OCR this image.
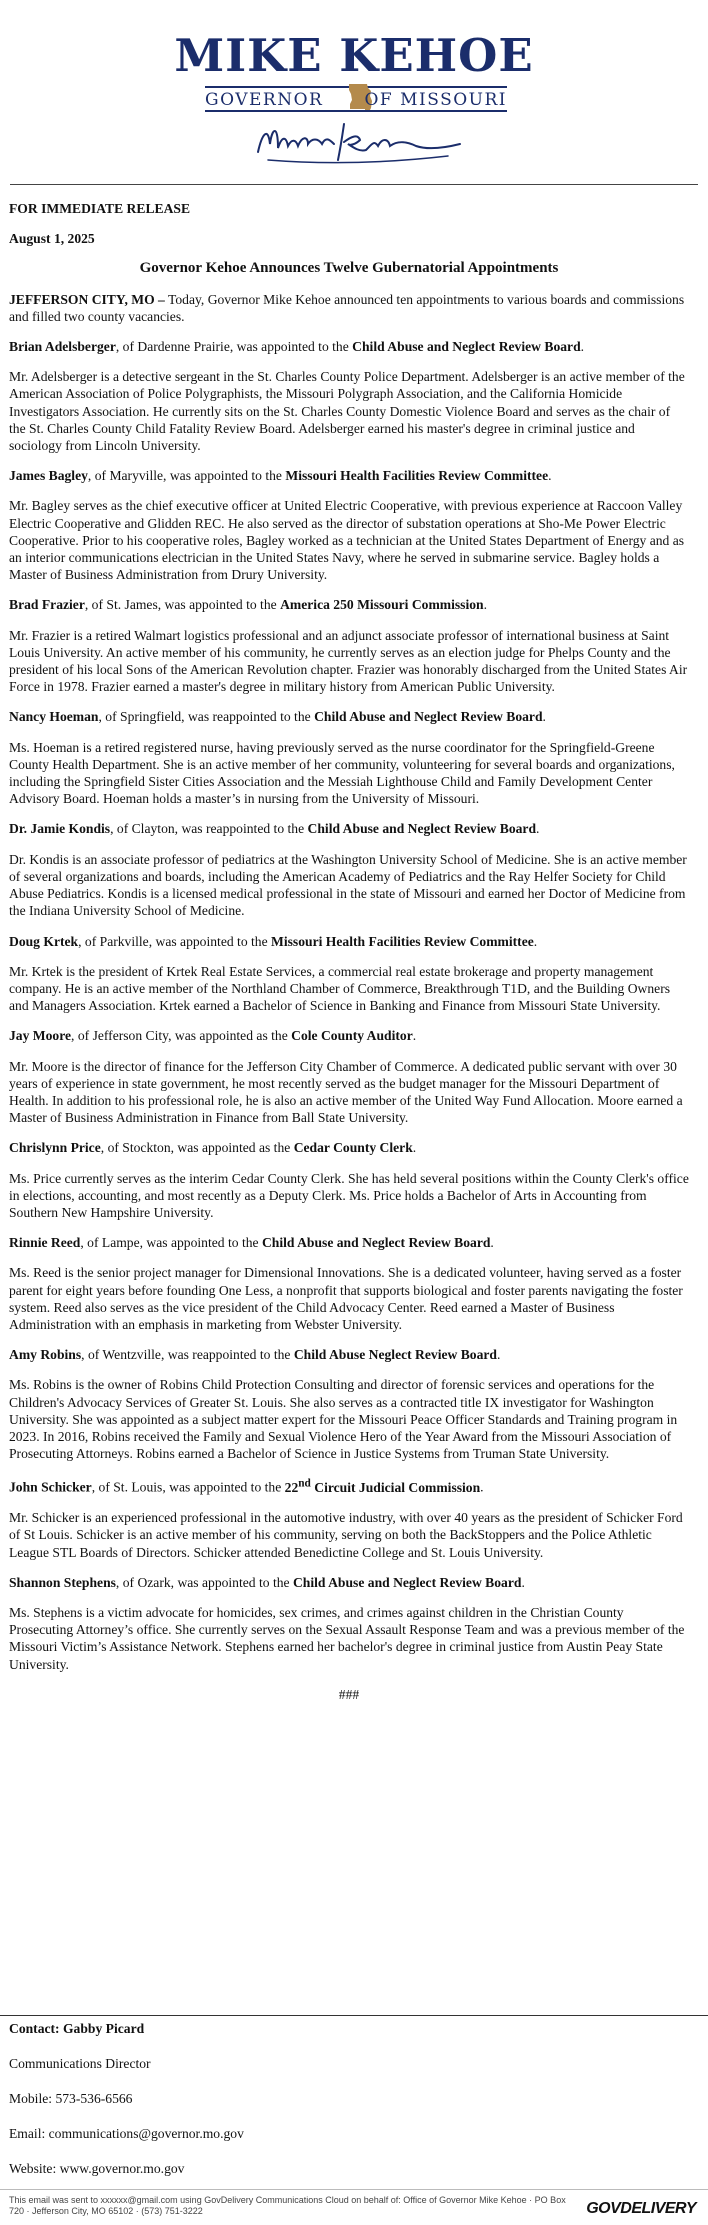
MIKE KEHOE
GOVERNOR OF MISSOURI

FOR IMMEDIATE RELEASE

August 1, 2025

Governor Kehoe Announces Twelve Gubernatorial Appointments

JEFFERSON CITY, MO – Today, Governor Mike Kehoe announced ten appointments to various boards and commissions and filled two county vacancies.

Brian Adelsberger, of Dardenne Prairie, was appointed to the Child Abuse and Neglect Review Board.

Mr. Adelsberger is a detective sergeant in the St. Charles County Police Department. Adelsberger is an active member of the American Association of Police Polygraphists, the Missouri Polygraph Association, and the California Homicide Investigators Association. He currently sits on the St. Charles County Domestic Violence Board and serves as the chair of the St. Charles County Child Fatality Review Board. Adelsberger earned his master's degree in criminal justice and sociology from Lincoln University.

James Bagley, of Maryville, was appointed to the Missouri Health Facilities Review Committee.

Mr. Bagley serves as the chief executive officer at United Electric Cooperative, with previous experience at Raccoon Valley Electric Cooperative and Glidden REC. He also served as the director of substation operations at Sho-Me Power Electric Cooperative. Prior to his cooperative roles, Bagley worked as a technician at the United States Department of Energy and as an interior communications electrician in the United States Navy, where he served in submarine service. Bagley holds a Master of Business Administration from Drury University.

Brad Frazier, of St. James, was appointed to the America 250 Missouri Commission.

Mr. Frazier is a retired Walmart logistics professional and an adjunct associate professor of international business at Saint Louis University. An active member of his community, he currently serves as an election judge for Phelps County and the president of his local Sons of the American Revolution chapter. Frazier was honorably discharged from the United States Air Force in 1978. Frazier earned a master's degree in military history from American Public University.

Nancy Hoeman, of Springfield, was reappointed to the Child Abuse and Neglect Review Board.

Ms. Hoeman is a retired registered nurse, having previously served as the nurse coordinator for the Springfield-Greene County Health Department. She is an active member of her community, volunteering for several boards and organizations, including the Springfield Sister Cities Association and the Messiah Lighthouse Child and Family Development Center Advisory Board. Hoeman holds a master’s in nursing from the University of Missouri.

Dr. Jamie Kondis, of Clayton, was reappointed to the Child Abuse and Neglect Review Board.

Dr. Kondis is an associate professor of pediatrics at the Washington University School of Medicine. She is an active member of several organizations and boards, including the American Academy of Pediatrics and the Ray Helfer Society for Child Abuse Pediatrics. Kondis is a licensed medical professional in the state of Missouri and earned her Doctor of Medicine from the Indiana University School of Medicine.

Doug Krtek, of Parkville, was appointed to the Missouri Health Facilities Review Committee.

Mr. Krtek is the president of Krtek Real Estate Services, a commercial real estate brokerage and property management company. He is an active member of the Northland Chamber of Commerce, Breakthrough T1D, and the Building Owners and Managers Association. Krtek earned a Bachelor of Science in Banking and Finance from Missouri State University.

Jay Moore, of Jefferson City, was appointed as the Cole County Auditor.

Mr. Moore is the director of finance for the Jefferson City Chamber of Commerce. A dedicated public servant with over 30 years of experience in state government, he most recently served as the budget manager for the Missouri Department of Health. In addition to his professional role, he is also an active member of the United Way Fund Allocation. Moore earned a Master of Business Administration in Finance from Ball State University.

Chrislynn Price, of Stockton, was appointed as the Cedar County Clerk.

Ms. Price currently serves as the interim Cedar County Clerk. She has held several positions within the County Clerk's office in elections, accounting, and most recently as a Deputy Clerk. Ms. Price holds a Bachelor of Arts in Accounting from Southern New Hampshire University.

Rinnie Reed, of Lampe, was appointed to the Child Abuse and Neglect Review Board.

Ms. Reed is the senior project manager for Dimensional Innovations. She is a dedicated volunteer, having served as a foster parent for eight years before founding One Less, a nonprofit that supports biological and foster parents navigating the foster system. Reed also serves as the vice president of the Child Advocacy Center. Reed earned a Master of Business Administration with an emphasis in marketing from Webster University.

Amy Robins, of Wentzville, was reappointed to the Child Abuse Neglect Review Board.

Ms. Robins is the owner of Robins Child Protection Consulting and director of forensic services and operations for the Children's Advocacy Services of Greater St. Louis. She also serves as a contracted title IX investigator for Washington University. She was appointed as a subject matter expert for the Missouri Peace Officer Standards and Training program in 2023. In 2016, Robins received the Family and Sexual Violence Hero of the Year Award from the Missouri Association of Prosecuting Attorneys. Robins earned a Bachelor of Science in Justice Systems from Truman State University.

John Schicker, of St. Louis, was appointed to the 22nd Circuit Judicial Commission.

Mr. Schicker is an experienced professional in the automotive industry, with over 40 years as the president of Schicker Ford of St Louis. Schicker is an active member of his community, serving on both the BackStoppers and the Police Athletic League STL Boards of Directors. Schicker attended Benedictine College and St. Louis University.

Shannon Stephens, of Ozark, was appointed to the Child Abuse and Neglect Review Board.

Ms. Stephens is a victim advocate for homicides, sex crimes, and crimes against children in the Christian County Prosecuting Attorney’s office. She currently serves on the Sexual Assault Response Team and was a previous member of the Missouri Victim’s Assistance Network. Stephens earned her bachelor's degree in criminal justice from Austin Peay State University.

###

Contact: Gabby Picard
Communications Director
Mobile: 573-536-6566
Email: communications@governor.mo.gov
Website: www.governor.mo.gov
This email was sent to xxxxxx@gmail.com using GovDelivery Communications Cloud on behalf of: Office of Governor Mike Kehoe · PO Box 720 · Jefferson City, MO 65102 · (573) 751-3222	GOVDELIVERY
